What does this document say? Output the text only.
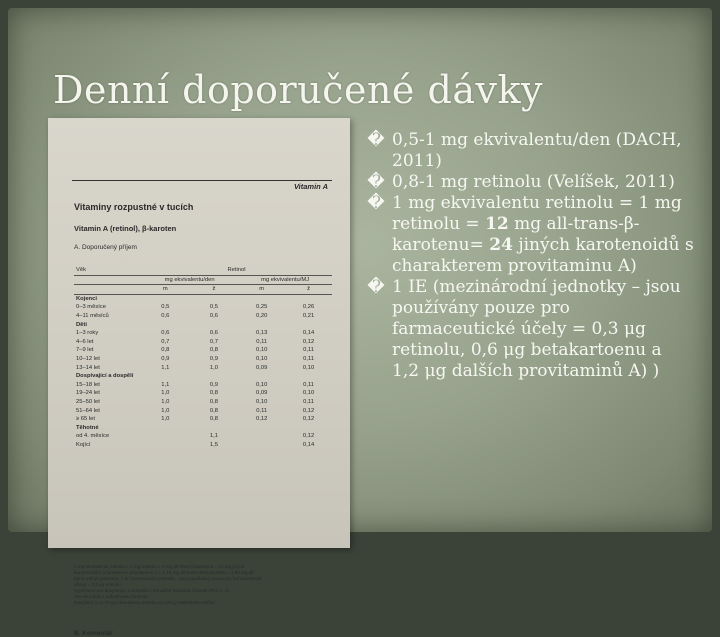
Denní doporučené dávky
Vitamin A
Vitaminy rozpustné v tucích
Vitamin A (retinol), β-karoten
A. Doporučený příjem
Věk	Retinol			
	mg ekvivalentu/den		mg ekvivalentu/MJ	
	m	ž	m	ž
Kojenci				
0–3 měsíce	0,5	0,5	0,25	0,26
4–11 měsíců	0,6	0,6	0,20	0,21
Děti				
1–3 roky	0,6	0,6	0,13	0,14
4–6 let	0,7	0,7	0,11	0,12
7–9 let	0,8	0,8	0,10	0,11
10–12 let	0,9	0,9	0,10	0,11
13–14 let	1,1	1,0	0,09	0,10
Dospívající a dospělí				
15–18 let	1,1	0,9	0,10	0,11
19–24 let	1,0	0,8	0,09	0,10
25–50 let	1,0	0,8	0,10	0,11
51–64 let	1,0	0,8	0,11	0,12
≥ 65 let	1,0	0,8	0,12	0,12
Těhotné				
od 4. měsíce		1,1		0,12
Kojící		1,5		0,14
1 mg ekvivalentu retinolu = 1 mg retinolu = 6 mg all-trans-β-karotenu = 12 mg jiných
karotenoidů s charakterem provitaminu A = 1,15 mg all-trans-retinylacetátu = 1,83 mg all-
trans-retinyl-palmitátu; 1 IE (mezinárodní jednotky - jsou používány pouze pro farmaceutické
účely) = 0,3 μg retinolu
Vypočteno pro dospívající a dospělé s převážně sedavou činností (PAL 1, 4).
Zde se jedná o odhadnutou hodnotu
Navýšení o ca 70 μg ekvivalentu retinolu na 100 g mateřského mléka
B. Komentář
� 0,5-1 mg ekvivalentu/den (DACH, 2011)
� 0,8-1 mg retinolu (Velíšek, 2011)
� 1 mg ekvivalentu retinolu = 1 mg retinolu = 12 mg all-trans-β-karotenu= 24 jiných karotenoidů s charakterem provitaminu A)
� 1 IE (mezinárodní jednotky – jsou používány pouze pro farmaceutické účely = 0,3 μg retinolu, 0,6 μg betakartoenu a 1,2 μg dalších provitaminů A) )
